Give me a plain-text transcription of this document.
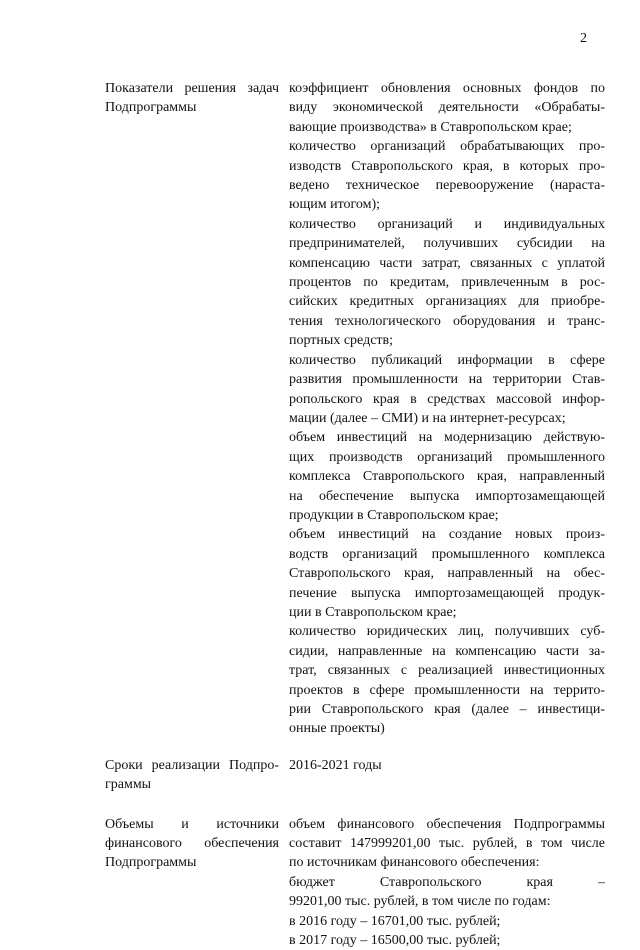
2
Показатели решения задач
Подпрограммы
коэффициент обновления основных фондов по
виду экономической деятельности «Обрабаты-
вающие производства» в Ставропольском крае;
количество организаций обрабатывающих про-
изводств Ставропольского края, в которых про-
ведено техническое перевооружение (нараста-
ющим итогом);
количество организаций и индивидуальных
предпринимателей, получивших субсидии на
компенсацию части затрат, связанных с уплатой
процентов по кредитам, привлеченным в рос-
сийских кредитных организациях для приобре-
тения технологического оборудования и транс-
портных средств;
количество публикаций информации в сфере
развития промышленности на территории Став-
ропольского края в средствах массовой инфор-
мации (далее – СМИ) и на интернет-ресурсах;
объем инвестиций на модернизацию действую-
щих производств организаций промышленного
комплекса Ставропольского края, направленный
на обеспечение выпуска импортозамещающей
продукции в Ставропольском крае;
объем инвестиций на создание новых произ-
водств организаций промышленного комплекса
Ставропольского края, направленный на обес-
печение выпуска импортозамещающей продук-
ции в Ставропольском крае;
количество юридических лиц, получивших суб-
сидии, направленные на компенсацию части за-
трат, связанных с реализацией инвестиционных
проектов в сфере промышленности на террито-
рии Ставропольского края (далее – инвестици-
онные проекты)
Сроки реализации Подпро-
граммы
2016-2021 годы
Объемы и источники
финансового обеспечения
Подпрограммы
объем финансового обеспечения Подпрограммы
составит 147999201,00 тыс. рублей, в том числе
по источникам финансового обеспечения:
бюджет Ставропольского края –
99201,00 тыс. рублей, в том числе по годам:
в 2016 году – 16701,00 тыс. рублей;
в 2017 году – 16500,00 тыс. рублей;
